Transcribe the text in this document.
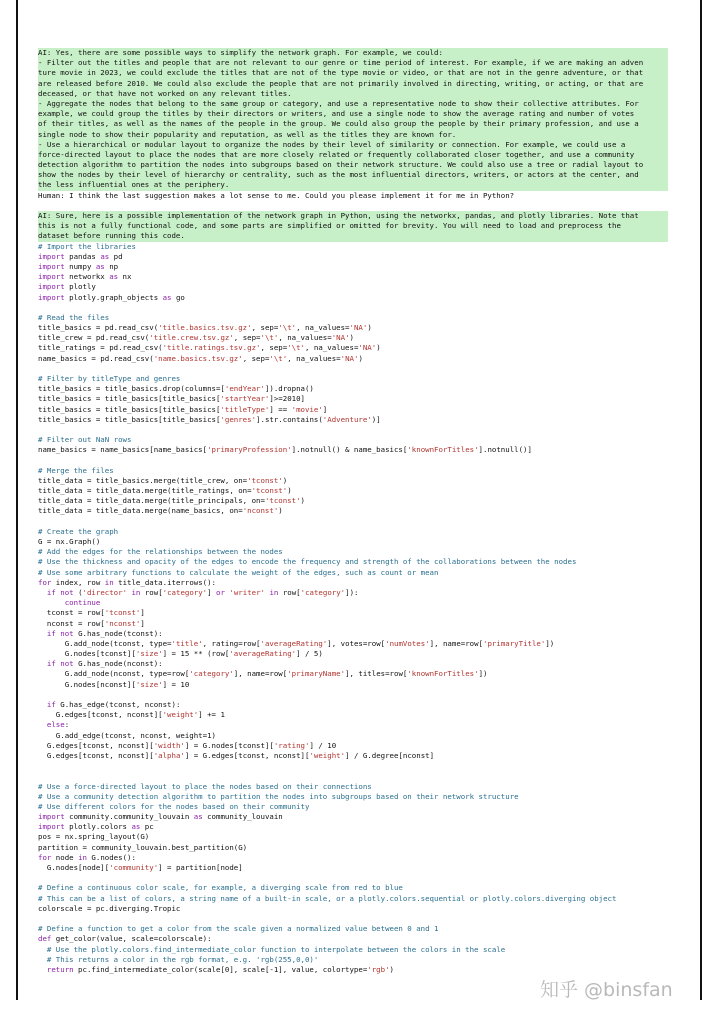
AI: Yes, there are some possible ways to simplify the network graph. For example, we could:
- Filter out the titles and people that are not relevant to our genre or time period of interest. For example, if we are making an adven
ture movie in 2023, we could exclude the titles that are not of the type movie or video, or that are not in the genre adventure, or that
are released before 2010. We could also exclude the people that are not primarily involved in directing, writing, or acting, or that are
deceased, or that have not worked on any relevant titles.
- Aggregate the nodes that belong to the same group or category, and use a representative node to show their collective attributes. For
example, we could group the titles by their directors or writers, and use a single node to show the average rating and number of votes
of their titles, as well as the names of the people in the group. We could also group the people by their primary profession, and use a
single node to show their popularity and reputation, as well as the titles they are known for.
- Use a hierarchical or modular layout to organize the nodes by their level of similarity or connection. For example, we could use a
force-directed layout to place the nodes that are more closely related or frequently collaborated closer together, and use a community
detection algorithm to partition the nodes into subgroups based on their network structure. We could also use a tree or radial layout to
show the nodes by their level of hierarchy or centrality, such as the most influential directors, writers, or actors at the center, and
the less influential ones at the periphery.
Human: I think the last suggestion makes a lot sense to me. Could you please implement it for me in Python?
AI: Sure, here is a possible implementation of the network graph in Python, using the networkx, pandas, and plotly libraries. Note that
this is not a fully functional code, and some parts are simplified or omitted for brevity. You will need to load and preprocess the
dataset before running this code.
# Import the libraries
import pandas as pd
import numpy as np
import networkx as nx
import plotly
import plotly.graph_objects as go
# Read the files
title_basics = pd.read_csv('title.basics.tsv.gz', sep='\t', na_values='NA')
title_crew = pd.read_csv('title.crew.tsv.gz', sep='\t', na_values='NA')
title_ratings = pd.read_csv('title.ratings.tsv.gz', sep='\t', na_values='NA')
name_basics = pd.read_csv('name.basics.tsv.gz', sep='\t', na_values='NA')
# Filter by titleType and genres
title_basics = title_basics.drop(columns=['endYear']).dropna()
title_basics = title_basics[title_basics['startYear']>=2010]
title_basics = title_basics[title_basics['titleType'] == 'movie']
title_basics = title_basics[title_basics['genres'].str.contains('Adventure')]
# Filter out NaN rows
name_basics = name_basics[name_basics['primaryProfession'].notnull() & name_basics['knownForTitles'].notnull()]
# Merge the files
title_data = title_basics.merge(title_crew, on='tconst')
title_data = title_data.merge(title_ratings, on='tconst')
title_data = title_data.merge(title_principals, on='tconst')
title_data = title_data.merge(name_basics, on='nconst')
# Create the graph
G = nx.Graph()
# Add the edges for the relationships between the nodes
# Use the thickness and opacity of the edges to encode the frequency and strength of the collaborations between the nodes
# Use some arbitrary functions to calculate the weight of the edges, such as count or mean
for index, row in title_data.iterrows():
if not ('director' in row['category'] or 'writer' in row['category']):
continue
tconst = row['tconst']
nconst = row['nconst']
if not G.has_node(tconst):
G.add_node(tconst, type='title', rating=row['averageRating'], votes=row['numVotes'], name=row['primaryTitle'])
G.nodes[tconst]['size'] = 15 ** (row['averageRating'] / 5)
if not G.has_node(nconst):
G.add_node(nconst, type=row['category'], name=row['primaryName'], titles=row['knownForTitles'])
G.nodes[nconst]['size'] = 10
if G.has_edge(tconst, nconst):
G.edges[tconst, nconst]['weight'] += 1
else:
G.add_edge(tconst, nconst, weight=1)
G.edges[tconst, nconst]['width'] = G.nodes[tconst]['rating'] / 10
G.edges[tconst, nconst]['alpha'] = G.edges[tconst, nconst]['weight'] / G.degree[nconst]
# Use a force-directed layout to place the nodes based on their connections
# Use a community detection algorithm to partition the nodes into subgroups based on their network structure
# Use different colors for the nodes based on their community
import community.community_louvain as community_louvain
import plotly.colors as pc
pos = nx.spring_layout(G)
partition = community_louvain.best_partition(G)
for node in G.nodes():
G.nodes[node]['community'] = partition[node]
# Define a continuous color scale, for example, a diverging scale from red to blue
# This can be a list of colors, a string name of a built-in scale, or a plotly.colors.sequential or plotly.colors.diverging object
colorscale = pc.diverging.Tropic
# Define a function to get a color from the scale given a normalized value between 0 and 1
def get_color(value, scale=colorscale):
# Use the plotly.colors.find_intermediate_color function to interpolate between the colors in the scale
# This returns a color in the rgb format, e.g. 'rgb(255,0,0)'
return pc.find_intermediate_color(scale[0], scale[-1], value, colortype='rgb')
知乎 @binsfan
